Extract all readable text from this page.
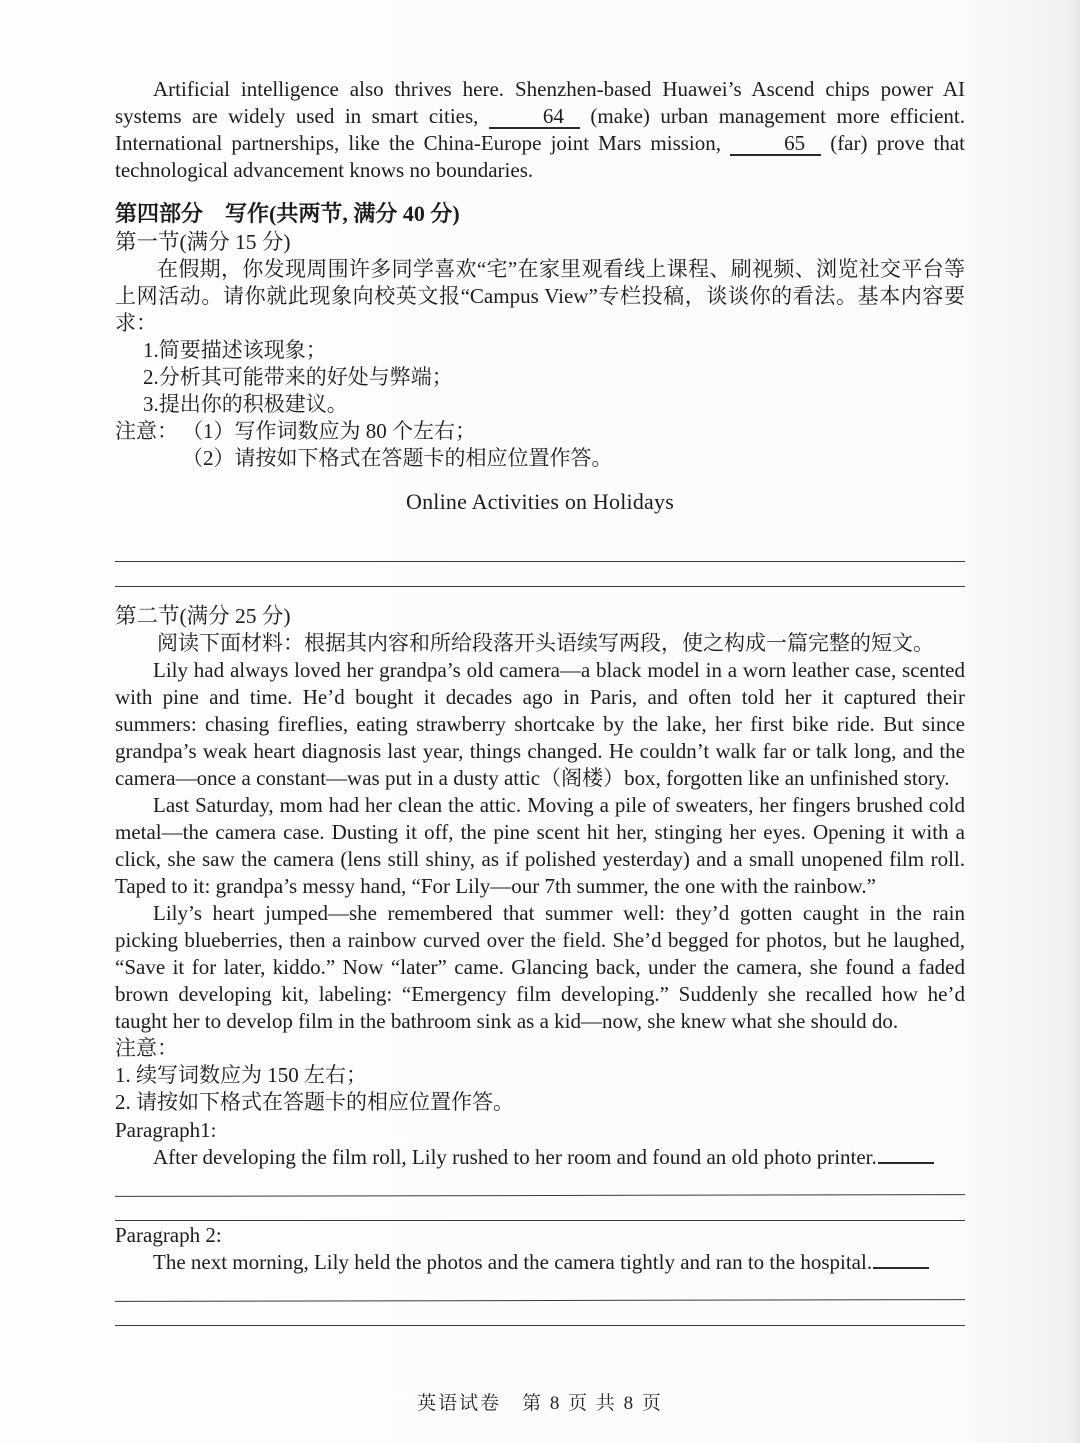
Artificial intelligence also thrives here. Shenzhen-based Huawei’s Ascend chips power AI systems are widely used in smart cities,	64 (make) urban management more efficient. International partnerships, like the China-Europe joint Mars mission,	65 (far) prove that technological advancement knows no boundaries.

第四部分　写作(共两节, 满分 40 分)
第一节(满分 15 分)

在假期，你发现周围许多同学喜欢“宅”在家里观看线上课程、刷视频、浏览社交平台等上网活动。请你就此现象向校英文报“Campus View”专栏投稿，谈谈你的看法。基本内容要求：

1.简要描述该现象；
2.分析其可能带来的好处与弊端；
3.提出你的积极建议。
注意： （1）写作词数应为 80 个左右；
（2）请按如下格式在答题卡的相应位置作答。
Online Activities on Holidays
第二节(满分 25 分)

阅读下面材料：根据其内容和所给段落开头语续写两段，使之构成一篇完整的短文。

Lily had always loved her grandpa’s old camera—a black model in a worn leather case, scented with pine and time. He’d bought it decades ago in Paris, and often told her it captured their summers: chasing fireflies, eating strawberry shortcake by the lake, her first bike ride. But since grandpa’s weak heart diagnosis last year, things changed. He couldn’t walk far or talk long, and the camera—once a constant—was put in a dusty attic（阁楼）box, forgotten like an unfinished story.

Last Saturday, mom had her clean the attic. Moving a pile of sweaters, her fingers brushed cold metal—the camera case. Dusting it off, the pine scent hit her, stinging her eyes. Opening it with a click, she saw the camera (lens still shiny, as if polished yesterday) and a small unopened film roll. Taped to it: grandpa’s messy hand, “For Lily—our 7th summer, the one with the rainbow.”

Lily’s heart jumped—she remembered that summer well: they’d gotten caught in the rain picking blueberries, then a rainbow curved over the field. She’d begged for photos, but he laughed, “Save it for later, kiddo.” Now “later” came. Glancing back, under the camera, she found a faded brown developing kit, labeling: “Emergency film developing.” Suddenly she recalled how he’d taught her to develop film in the bathroom sink as a kid—now, she knew what she should do.

注意：
1. 续写词数应为 150 左右；
2. 请按如下格式在答题卡的相应位置作答。
Paragraph1:

After developing the film roll, Lily rushed to her room and found an old photo printer.

Paragraph 2:

The next morning, Lily held the photos and the camera tightly and ran to the hospital.

英语试卷　第 8 页 共 8 页
